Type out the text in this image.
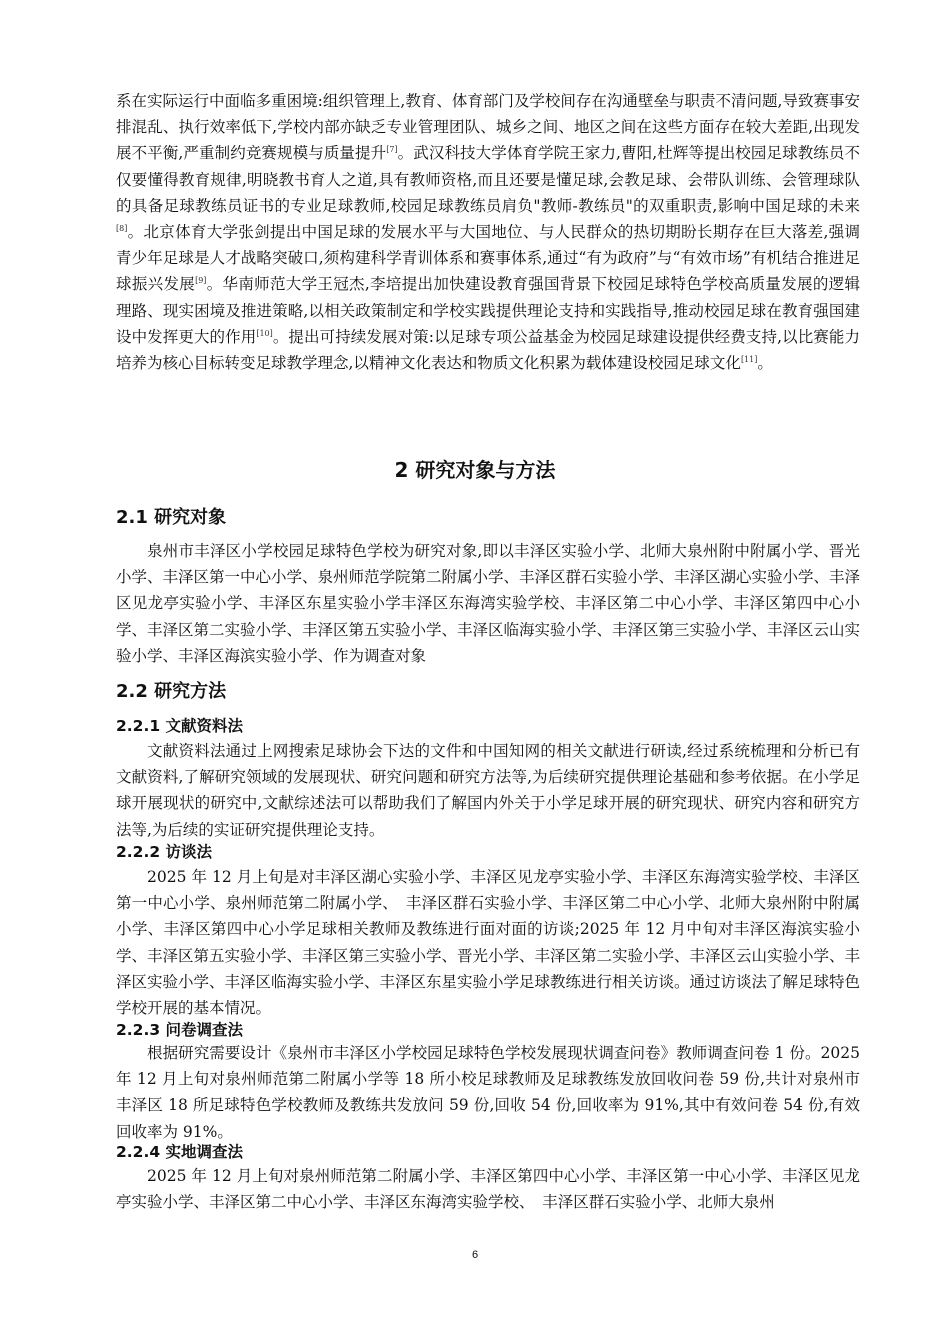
系在实际运行中面临多重困境:组织管理上,教育、体育部门及学校间存在沟通壁垒与职责不清问题,导致赛事安排混乱、执行效率低下,学校内部亦缺乏专业管理团队、城乡之间、地区之间在这些方面存在较大差距,出现发展不平衡,严重制约竞赛规模与质量提升[7]。武汉科技大学体育学院王家力,曹阳,杜辉等提出校园足球教练员不仅要懂得教育规律,明晓教书育人之道,具有教师资格,而且还要是懂足球,会教足球、会带队训练、会管理球队的具备足球教练员证书的专业足球教师,校园足球教练员肩负"教师-教练员"的双重职责,影响中国足球的未来[8]。北京体育大学张剑提出中国足球的发展水平与大国地位、与人民群众的热切期盼长期存在巨大落差,强调青少年足球是人才战略突破口,须构建科学青训体系和赛事体系,通过“有为政府”与“有效市场”有机结合推进足球振兴发展[9]。华南师范大学王冠杰,李培提出加快建设教育强国背景下校园足球特色学校高质量发展的逻辑理路、现实困境及推进策略,以相关政策制定和学校实践提供理论支持和实践指导,推动校园足球在教育强国建设中发挥更大的作用[10]。提出可持续发展对策:以足球专项公益基金为校园足球建设提供经费支持,以比赛能力培养为核心目标转变足球教学理念,以精神文化表达和物质文化积累为载体建设校园足球文化[11]。
2 研究对象与方法
2.1 研究对象
泉州市丰泽区小学校园足球特色学校为研究对象,即以丰泽区实验小学、北师大泉州附中附属小学、晋光小学、丰泽区第一中心小学、泉州师范学院第二附属小学、丰泽区群石实验小学、丰泽区湖心实验小学、丰泽区见龙亭实验小学、丰泽区东星实验小学丰泽区东海湾实验学校、丰泽区第二中心小学、丰泽区第四中心小学、丰泽区第二实验小学、丰泽区第五实验小学、丰泽区临海实验小学、丰泽区第三实验小学、丰泽区云山实验小学、丰泽区海滨实验小学、作为调查对象
2.2 研究方法
2.2.1 文献资料法
文献资料法通过上网搜索足球协会下达的文件和中国知网的相关文献进行研读,经过系统梳理和分析已有文献资料,了解研究领域的发展现状、研究问题和研究方法等,为后续研究提供理论基础和参考依据。在小学足球开展现状的研究中,文献综述法可以帮助我们了解国内外关于小学足球开展的研究现状、研究内容和研究方法等,为后续的实证研究提供理论支持。
2.2.2 访谈法
2025 年 12 月上旬是对丰泽区湖心实验小学、丰泽区见龙亭实验小学、丰泽区东海湾实验学校、丰泽区第一中心小学、泉州师范第二附属小学、　丰泽区群石实验小学、丰泽区第二中心小学、北师大泉州附中附属小学、丰泽区第四中心小学足球相关教师及教练进行面对面的访谈;2025 年 12 月中旬对丰泽区海滨实验小学、丰泽区第五实验小学、丰泽区第三实验小学、晋光小学、丰泽区第二实验小学、丰泽区云山实验小学、丰泽区实验小学、丰泽区临海实验小学、丰泽区东星实验小学足球教练进行相关访谈。通过访谈法了解足球特色学校开展的基本情况。
2.2.3 问卷调查法
根据研究需要设计《泉州市丰泽区小学校园足球特色学校发展现状调查问卷》教师调查问卷 1 份。2025 年 12 月上旬对泉州师范第二附属小学等 18 所小校足球教师及足球教练发放回收问卷 59 份,共计对泉州市丰泽区 18 所足球特色学校教师及教练共发放问 59 份,回收 54 份,回收率为 91%,其中有效问卷 54 份,有效回收率为 91%。
2.2.4 实地调查法
2025 年 12 月上旬对泉州师范第二附属小学、丰泽区第四中心小学、丰泽区第一中心小学、丰泽区见龙亭实验小学、丰泽区第二中心小学、丰泽区东海湾实验学校、　丰泽区群石实验小学、北师大泉州
6
